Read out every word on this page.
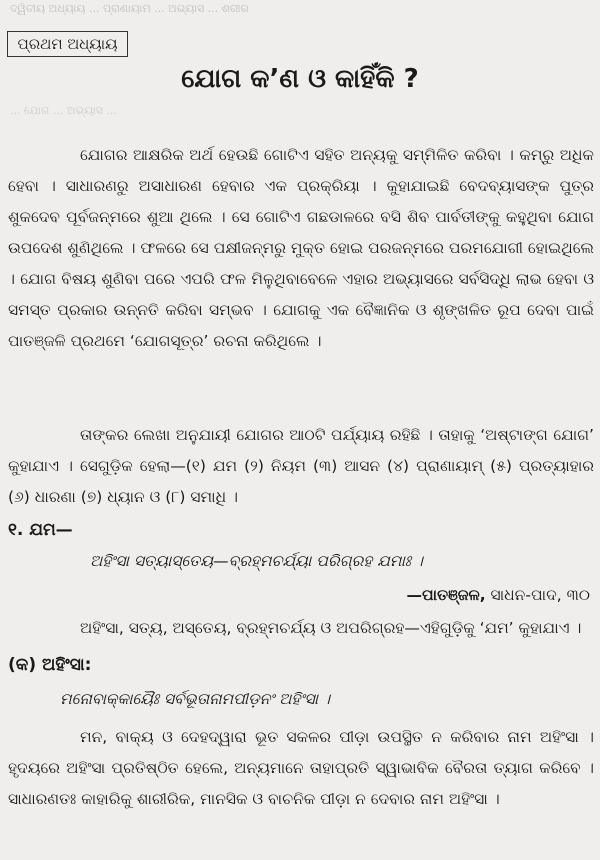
ଦ୍ୱିତୀୟ ଅଧ୍ୟାୟ ... ପ୍ରାଣାୟାମ ... ଅଭ୍ୟାସ ... ଶରୀର
ପ୍ରଥମ ଅଧ୍ୟାୟ
ଯୋଗ କ’ଣ ଓ କାହିଁକି ?
... ଯୋଗ ... ଅଭ୍ୟାସ ...

ଯୋଗର ଆକ୍ଷରିକ ଅର୍ଥ ହେଉଛି ଗୋଟିଏ ସହିତ ଅନ୍ୟକୁ ସମ୍ମିଳିତ କରିବା । କମ୍‌ରୁ ଅଧିକ ହେବା । ସାଧାରଣରୁ ଅସାଧାରଣ ହେବାର ଏକ ପ୍ରକ୍ରିୟା । କୁହାଯାଇଛି ବେଦବ୍ୟାସଙ୍କ ପୁତ୍ର ଶୁକଦେବ ପୂର୍ବଜନ୍ମରେ ଶୁଆ ଥିଲେ । ସେ ଗୋଟିଏ ଗଛଡାଳରେ ବସି ଶିବ ପାର୍ବତୀଙ୍କୁ କହୁଥିବା ଯୋଗ ଉପଦେଶ ଶୁଣିଥିଲେ । ଫଳରେ ସେ ପକ୍ଷୀଜନ୍ମରୁ ମୁକ୍ତ ହୋଇ ପରଜନ୍ମରେ ପରମଯୋଗୀ ହୋଇଥିଲେ । ଯୋଗ ବିଷୟ ଶୁଣିବା ପରେ ଏପରି ଫଳ ମିଳୁଥିବାବେଳେ ଏହାର ଅଭ୍ୟାସରେ ସର୍ବସିଦ୍ଧି ଲାଭ ହେବା ଓ ସମସ୍ତ ପ୍ରକାର ଉନ୍ନତି କରିବା ସମ୍ଭବ । ଯୋଗକୁ ଏକ ବୈଜ୍ଞାନିକ ଓ ଶୃଙ୍ଖଳିତ ରୂପ ଦେବା ପାଇଁ ପାତଞ୍ଜଳି ପ୍ରଥମେ ‘ଯୋଗସୂତ୍ର’ ରଚନା କରିଥିଲେ ।

ତାଙ୍କର ଲେଖା ଅନୁଯାୟୀ ଯୋଗର ଆଠଟି ପର୍ଯ୍ୟାୟ ରହିଛି । ତାହାକୁ ‘ଅଷ୍ଟାଙ୍ଗ ଯୋଗ’ କୁହାଯାଏ । ସେଗୁଡ଼ିକ ହେଲା—(୧) ଯମ (୨) ନିୟମ (୩) ଆସନ (୪) ପ୍ରାଣାୟାମ୍ (୫) ପ୍ରତ୍ୟାହାର (୬) ଧାରଣା (୭) ଧ୍ୟାନ ଓ (୮) ସମାଧି ।

୧. ଯମ—
ଅହିଂସା ସତ୍ୟାସ୍ତେୟ—ବ୍ରହ୍ମଚର୍ଯ୍ୟା ପରିଗ୍ରହ ଯମାଃ ।
—ପାତଞ୍ଜଳ, ସାଧନ-ପାଦ, ୩୦

ଅହିଂସା, ସତ୍ୟ, ଅସ୍ତେୟ, ବ୍ରହ୍ମଚର୍ଯ୍ୟ ଓ ଅପରିଗ୍ରହ—ଏହିଗୁଡ଼ିକୁ ‘ଯମ’ କୁହାଯାଏ ।

(କ) ଅହିଂସା:
ମନୋବାକ୍‌କାୟୈଃ ସର୍ବଭୂତାନାମପୀଡ଼ନଂ ଅହିଂସା ।

ମନ, ବାକ୍ୟ ଓ ଦେହଦ୍ୱାରା ଭୂତ ସକଳର ପୀଡ଼ା ଉପସ୍ଥିତ ନ କରିବାର ନାମ ଅହିଂସା । ହୃଦୟରେ ଅହିଂସା ପ୍ରତିଷ୍ଠିତ ହେଲେ, ଅନ୍ୟମାନେ ତାହାପ୍ରତି ସ୍ୱାଭାବିକ ବୈରତା ତ୍ୟାଗ କରିବେ । ସାଧାରଣତଃ କାହାରିକୁ ଶାରୀରିକ, ମାନସିକ ଓ ବାଚନିକ ପୀଡ଼ା ନ ଦେବାର ନାମ ଅହିଂସା ।
